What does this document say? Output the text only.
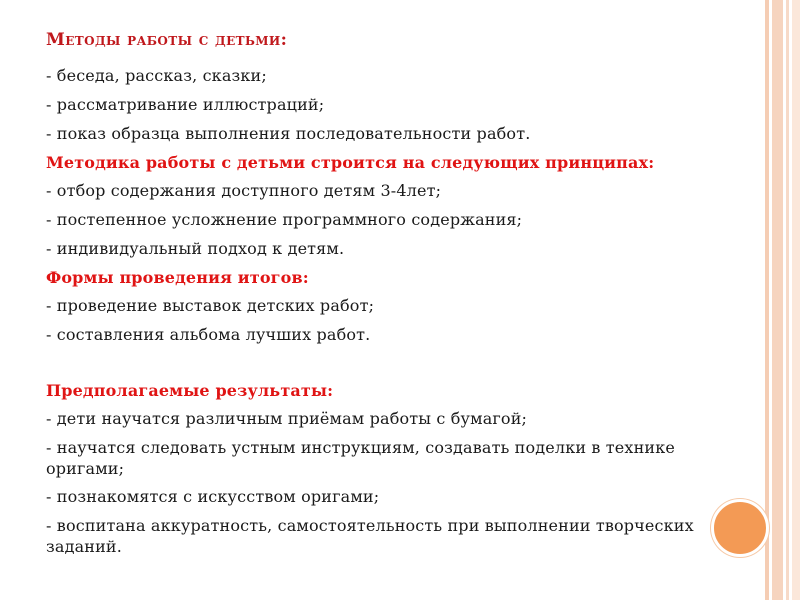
Методы работы с детьми:
- беседа, рассказ, сказки;
- рассматривание иллюстраций;
- показ образца выполнения последовательности работ.
Методика работы с детьми строится на следующих принципах:
- отбор содержания доступного детям 3-4лет;
- постепенное усложнение программного содержания;
- индивидуальный подход к детям.
Формы проведения итогов:
- проведение выставок детских работ;
- составления альбома лучших работ.
Предполагаемые результаты:
- дети научатся различным приёмам работы с бумагой;
- научатся следовать устным инструкциям, создавать поделки в технике оригами;
- познакомятся с искусством оригами;
- воспитана аккуратность, самостоятельность при выполнении творческих заданий.
